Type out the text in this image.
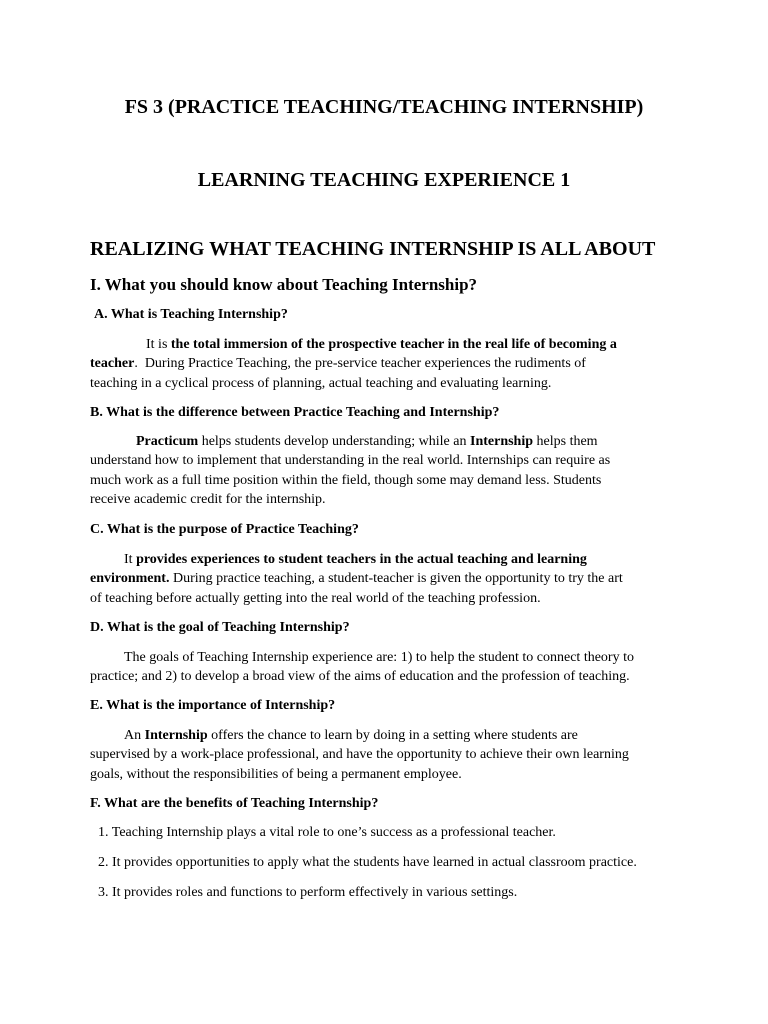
FS 3 (PRACTICE TEACHING/TEACHING INTERNSHIP)
LEARNING TEACHING EXPERIENCE 1
REALIZING WHAT TEACHING INTERNSHIP IS ALL ABOUT
I. What you should know about Teaching Internship?
A. What is Teaching Internship?
It is the total immersion of the prospective teacher in the real life of becoming a
teacher.  During Practice Teaching, the pre-service teacher experiences the rudiments of
teaching in a cyclical process of planning, actual teaching and evaluating learning.
B. What is the difference between Practice Teaching and Internship?
Practicum helps students develop understanding; while an Internship helps them
understand how to implement that understanding in the real world. Internships can require as
much work as a full time position within the field, though some may demand less. Students
receive academic credit for the internship.
C. What is the purpose of Practice Teaching?
It provides experiences to student teachers in the actual teaching and learning
environment. During practice teaching, a student-teacher is given the opportunity to try the art
of teaching before actually getting into the real world of the teaching profession.
D. What is the goal of Teaching Internship?
The goals of Teaching Internship experience are: 1) to help the student to connect theory to
practice; and 2) to develop a broad view of the aims of education and the profession of teaching.
E. What is the importance of Internship?
An Internship offers the chance to learn by doing in a setting where students are
supervised by a work-place professional, and have the opportunity to achieve their own learning
goals, without the responsibilities of being a permanent employee.
F. What are the benefits of Teaching Internship?

1. Teaching Internship plays a vital role to one’s success as a professional teacher.

2. It provides opportunities to apply what the students have learned in actual classroom practice.

3. It provides roles and functions to perform effectively in various settings.
